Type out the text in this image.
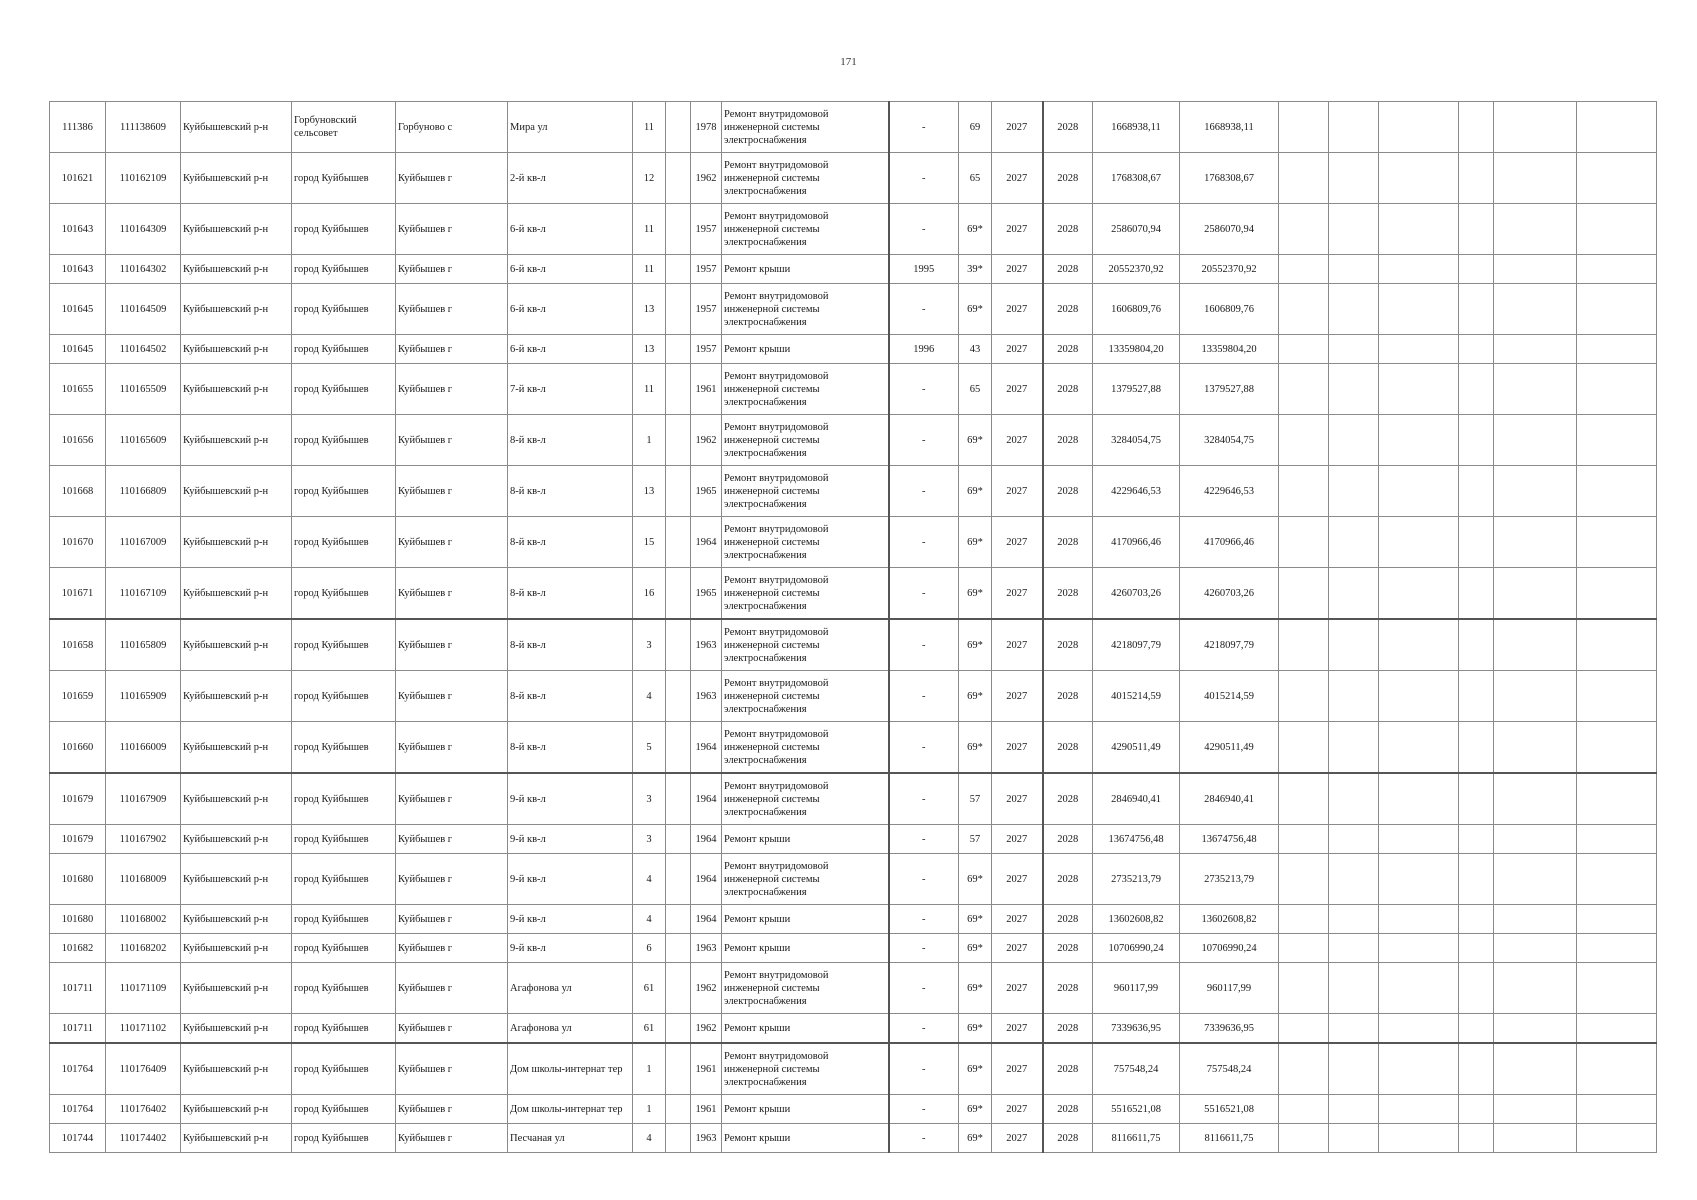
171
111386	111138609	Куйбышевский р-н	Горбуновский сельсовет	Горбуново с	Мира ул	11		1978	Ремонт внутридомовой инженерной системы электроснабжения	-	69	2027	2028	1668938,11	1668938,11						
101621	110162109	Куйбышевский р-н	город Куйбышев	Куйбышев г	2-й кв-л	12		1962	Ремонт внутридомовой инженерной системы электроснабжения	-	65	2027	2028	1768308,67	1768308,67						
101643	110164309	Куйбышевский р-н	город Куйбышев	Куйбышев г	6-й кв-л	11		1957	Ремонт внутридомовой инженерной системы электроснабжения	-	69*	2027	2028	2586070,94	2586070,94						
101643	110164302	Куйбышевский р-н	город Куйбышев	Куйбышев г	6-й кв-л	11		1957	Ремонт крыши	1995	39*	2027	2028	20552370,92	20552370,92						
101645	110164509	Куйбышевский р-н	город Куйбышев	Куйбышев г	6-й кв-л	13		1957	Ремонт внутридомовой инженерной системы электроснабжения	-	69*	2027	2028	1606809,76	1606809,76						
101645	110164502	Куйбышевский р-н	город Куйбышев	Куйбышев г	6-й кв-л	13		1957	Ремонт крыши	1996	43	2027	2028	13359804,20	13359804,20						
101655	110165509	Куйбышевский р-н	город Куйбышев	Куйбышев г	7-й кв-л	11		1961	Ремонт внутридомовой инженерной системы электроснабжения	-	65	2027	2028	1379527,88	1379527,88						
101656	110165609	Куйбышевский р-н	город Куйбышев	Куйбышев г	8-й кв-л	1		1962	Ремонт внутридомовой инженерной системы электроснабжения	-	69*	2027	2028	3284054,75	3284054,75						
101668	110166809	Куйбышевский р-н	город Куйбышев	Куйбышев г	8-й кв-л	13		1965	Ремонт внутридомовой инженерной системы электроснабжения	-	69*	2027	2028	4229646,53	4229646,53						
101670	110167009	Куйбышевский р-н	город Куйбышев	Куйбышев г	8-й кв-л	15		1964	Ремонт внутридомовой инженерной системы электроснабжения	-	69*	2027	2028	4170966,46	4170966,46						
101671	110167109	Куйбышевский р-н	город Куйбышев	Куйбышев г	8-й кв-л	16		1965	Ремонт внутридомовой инженерной системы электроснабжения	-	69*	2027	2028	4260703,26	4260703,26						
101658	110165809	Куйбышевский р-н	город Куйбышев	Куйбышев г	8-й кв-л	3		1963	Ремонт внутридомовой инженерной системы электроснабжения	-	69*	2027	2028	4218097,79	4218097,79						
101659	110165909	Куйбышевский р-н	город Куйбышев	Куйбышев г	8-й кв-л	4		1963	Ремонт внутридомовой инженерной системы электроснабжения	-	69*	2027	2028	4015214,59	4015214,59						
101660	110166009	Куйбышевский р-н	город Куйбышев	Куйбышев г	8-й кв-л	5		1964	Ремонт внутридомовой инженерной системы электроснабжения	-	69*	2027	2028	4290511,49	4290511,49						
101679	110167909	Куйбышевский р-н	город Куйбышев	Куйбышев г	9-й кв-л	3		1964	Ремонт внутридомовой инженерной системы электроснабжения	-	57	2027	2028	2846940,41	2846940,41						
101679	110167902	Куйбышевский р-н	город Куйбышев	Куйбышев г	9-й кв-л	3		1964	Ремонт крыши	-	57	2027	2028	13674756,48	13674756,48						
101680	110168009	Куйбышевский р-н	город Куйбышев	Куйбышев г	9-й кв-л	4		1964	Ремонт внутридомовой инженерной системы электроснабжения	-	69*	2027	2028	2735213,79	2735213,79						
101680	110168002	Куйбышевский р-н	город Куйбышев	Куйбышев г	9-й кв-л	4		1964	Ремонт крыши	-	69*	2027	2028	13602608,82	13602608,82						
101682	110168202	Куйбышевский р-н	город Куйбышев	Куйбышев г	9-й кв-л	6		1963	Ремонт крыши	-	69*	2027	2028	10706990,24	10706990,24						
101711	110171109	Куйбышевский р-н	город Куйбышев	Куйбышев г	Агафонова ул	61		1962	Ремонт внутридомовой инженерной системы электроснабжения	-	69*	2027	2028	960117,99	960117,99						
101711	110171102	Куйбышевский р-н	город Куйбышев	Куйбышев г	Агафонова ул	61		1962	Ремонт крыши	-	69*	2027	2028	7339636,95	7339636,95						
101764	110176409	Куйбышевский р-н	город Куйбышев	Куйбышев г	Дом школы-интернат тер	1		1961	Ремонт внутридомовой инженерной системы электроснабжения	-	69*	2027	2028	757548,24	757548,24						
101764	110176402	Куйбышевский р-н	город Куйбышев	Куйбышев г	Дом школы-интернат тер	1		1961	Ремонт крыши	-	69*	2027	2028	5516521,08	5516521,08						
101744	110174402	Куйбышевский р-н	город Куйбышев	Куйбышев г	Песчаная ул	4		1963	Ремонт крыши	-	69*	2027	2028	8116611,75	8116611,75						
